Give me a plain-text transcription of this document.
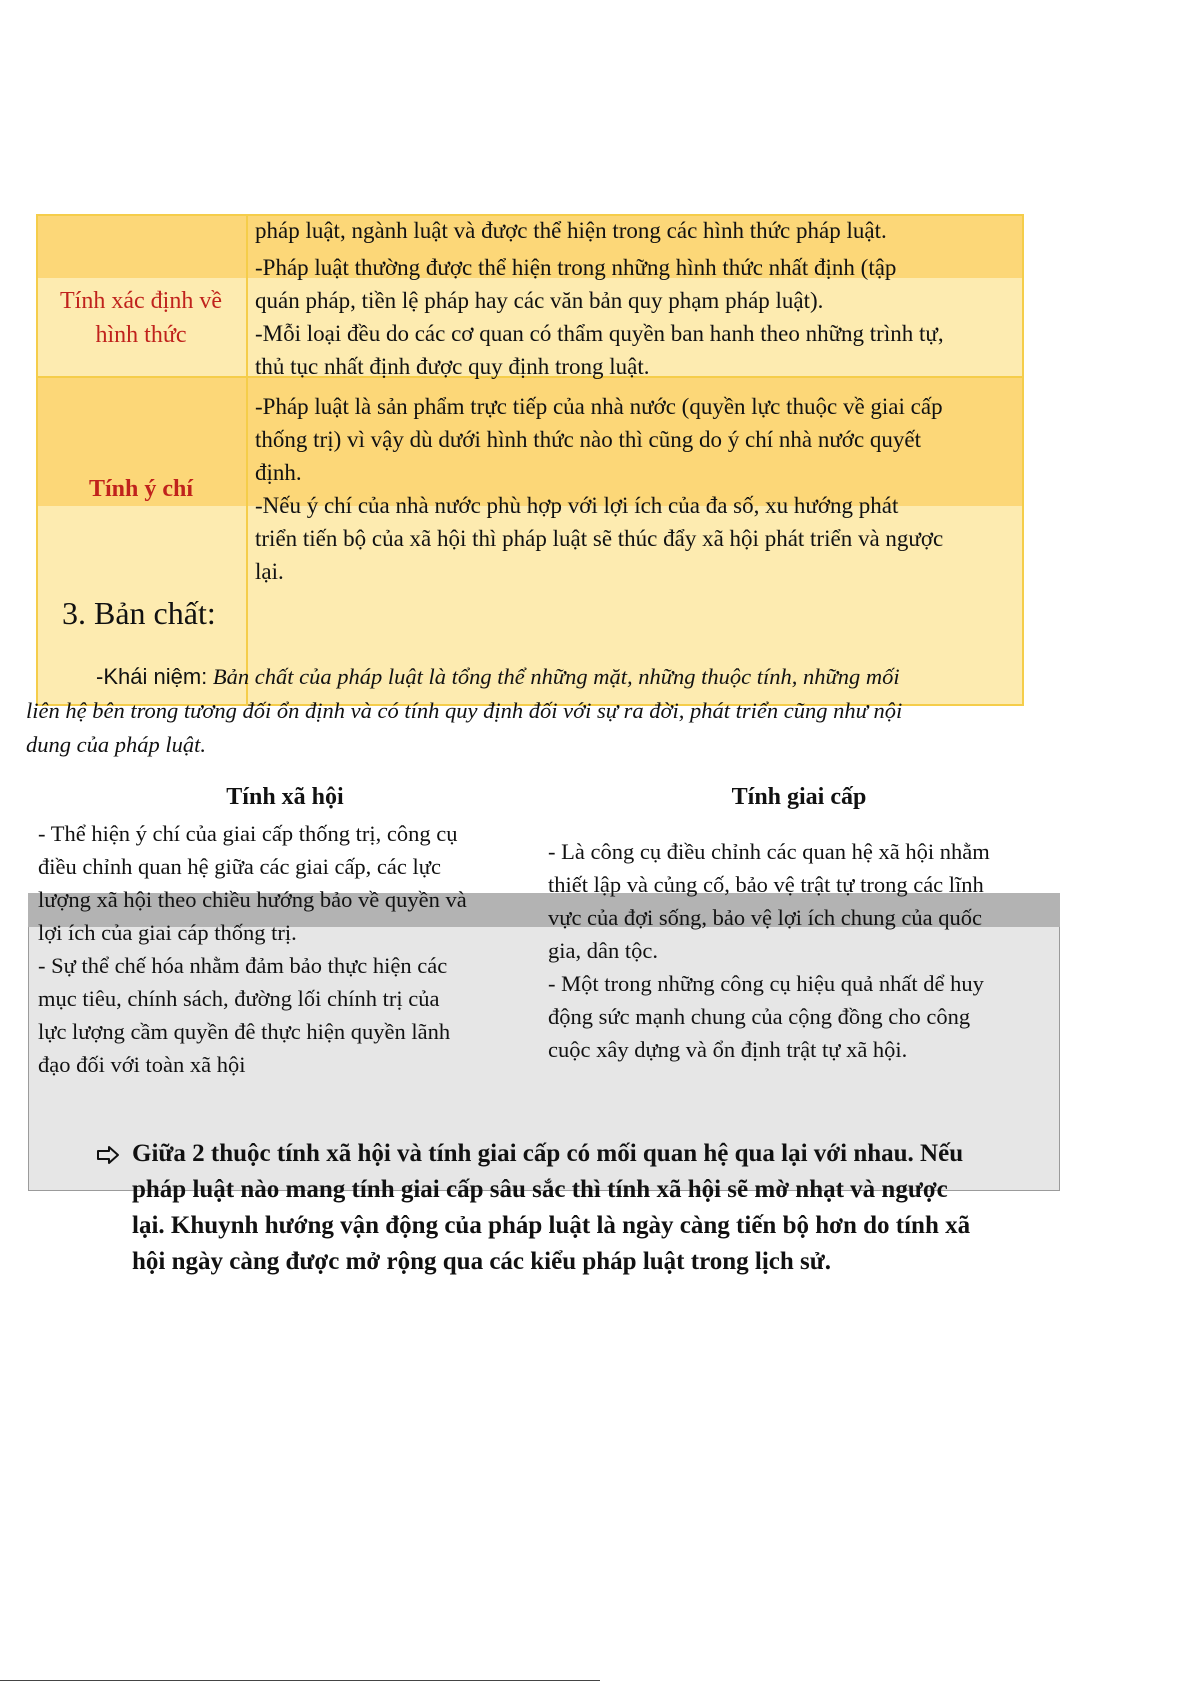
Tính xác định về
hình thức
pháp luật, ngành luật và được thể hiện trong các hình thức pháp luật.
-Pháp luật thường được thể hiện trong những hình thức nhất định (tập
quán pháp, tiền lệ pháp hay các văn bản quy phạm pháp luật).
-Mỗi loại đều do các cơ quan có thẩm quyền ban hanh theo những trình tự,
thủ tục nhất định được quy định trong luật.
Tính ý chí
-Pháp luật là sản phẩm trực tiếp của nhà nước (quyền lực thuộc về giai cấp
thống trị) vì vậy dù dưới hình thức nào thì cũng do ý chí nhà nước quyết
định.
-Nếu ý chí của nhà nước phù hợp với lợi ích của đa số, xu hướng phát
triển tiến bộ của xã hội thì pháp luật sẽ thúc đẩy xã hội phát triển và ngược
lại.
3. Bản chất:
-Khái niệm: Bản chất của pháp luật là tổng thể những mặt, những thuộc tính, những mối
liên hệ bên trong tương đối ổn định và có tính quy định đối với sự ra đời, phát triển cũng như nội
dung của pháp luật.
Tính xã hội	Tính giai cấp
- Thể hiện ý chí của giai cấp thống trị, công cụ
điều chỉnh quan hệ giữa các giai cấp, các lực
lượng xã hội theo chiều hướng bảo về quyền và
lợi ích của giai cáp thống trị.
- Sự thể chế hóa nhằm đảm bảo thực hiện các
mục tiêu, chính sách, đường lối chính trị của
lực lượng cầm quyền đê thực hiện quyền lãnh
đạo đối với toàn xã hội
- Là công cụ điều chỉnh các quan hệ xã hội nhằm
thiết lập và củng cố, bảo vệ trật tự trong các lĩnh
vực của đợi sống, bảo vệ lợi ích chung của quốc
gia, dân tộc.
- Một trong những công cụ hiệu quả nhất dể huy
động sức mạnh chung của cộng đồng cho công
cuộc xây dựng và ổn định trật tự xã hội.
Giữa 2 thuộc tính xã hội và tính giai cấp có mối quan hệ qua lại với nhau. Nếu
pháp luật nào mang tính giai cấp sâu sắc thì tính xã hội sẽ mờ nhạt và ngược
lại. Khuynh hướng vận động của pháp luật là ngày càng tiến bộ hơn do tính xã
hội ngày càng được mở rộng qua các kiểu pháp luật trong lịch sử.
